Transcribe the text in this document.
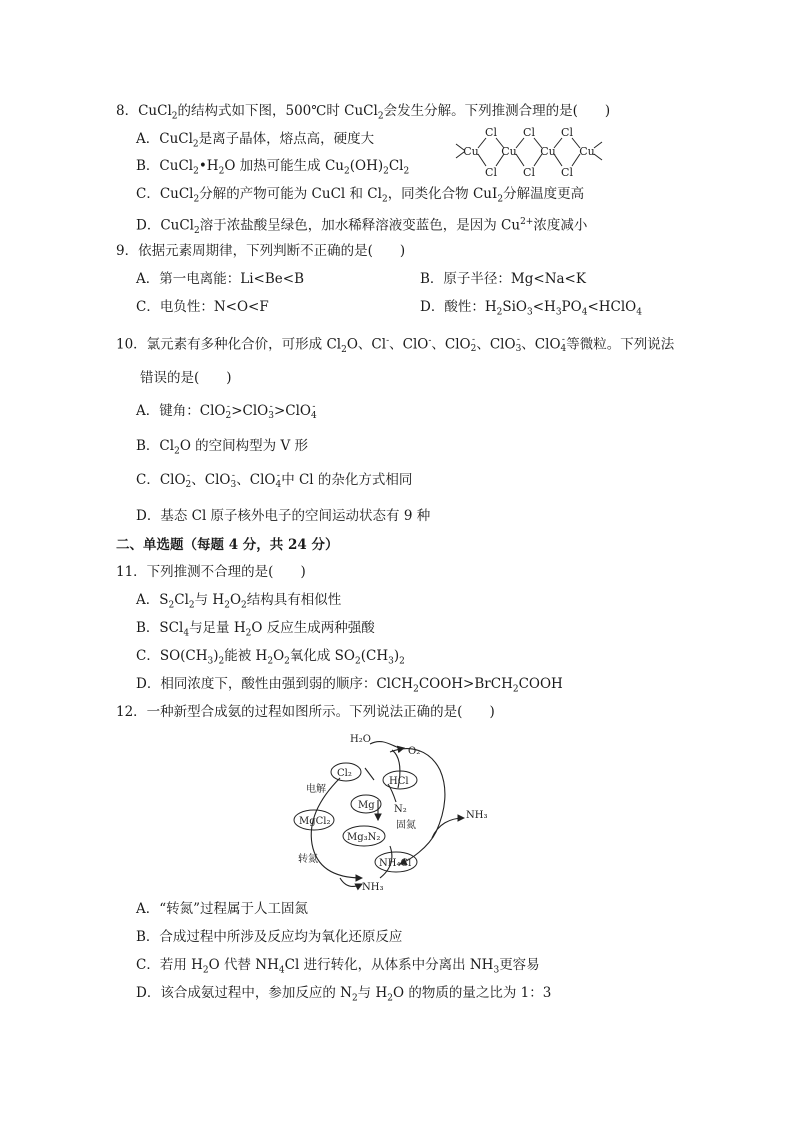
8．CuCl$_2$的结构式如下图，500℃时 CuCl$_2$会发生分解。下列推测合理的是(　　)
A．CuCl$_2$是离子晶体，熔点高，硬度大
B．$CuCl_2•H_2O$ 加热可能生成 $Cu_2(OH)_2Cl_2$
C．CuCl$_2$分解的产物可能为 CuCl 和 $Cl_2$，同类化合物 CuI$_2$分解温度更高
D．CuCl$_2$溶于浓盐酸呈绿色，加水稀释溶液变蓝色，是因为 $Cu^{2+}$浓度减小
Cu Cu Cu Cu
Cl
Cl
Cl
Cl
Cl
Cl
9．依据元素周期律，下列判断不正确的是(　　)
A．第一电离能：Li<Be<B	B．原子半径：Mg<Na<K
C．电负性：N<O<F	D．酸性：$H_2SiO_3<H_3PO_4<HClO_4$
10．氯元素有多种化合价，可形成 $Cl_2O$、Cl-、ClO-、ClO-
2、ClO-
3、ClO-
4等微粒。下列说法
错误的是(　　)
A．键角：ClO-
2>ClO-
3>ClO-
4
B．$Cl_2O$ 的空间构型为 V 形
C．ClO-
2、ClO-
3、ClO-
4中 Cl 的杂化方式相同
D．基态 Cl 原子核外电子的空间运动状态有 9 种
二、单选题（每题 4 分，共 24 分）
11．下列推测不合理的是(　　)
A．$S_2Cl_2$与 $H_2O_2$结构具有相似性
B．SCl$_4$与足量 $H_2O$ 反应生成两种强酸
C．$SO(CH_3)_2$能被 $H_2O_2$氧化成 $SO_2(CH_3)_2$
D．相同浓度下，酸性由强到弱的顺序：ClCH$_2$COOH>BrCH$_2$COOH
12．一种新型合成氨的过程如图所示。下列说法正确的是(　　)
H₂O
O₂
Cl₂
HCl
电解
Mg N₂
固氮
NH₃
MgCl₂
Mg₃N₂
转氮	NH₄Cl
NH₃
A．“转氮”过程属于人工固氮
B．合成过程中所涉及反应均为氧化还原反应
C．若用 $H_2O$ 代替 $NH_4Cl$ 进行转化，从体系中分离出 $NH_3$更容易
D．该合成氨过程中，参加反应的 $N_2$与 $H_2O$ 的物质的量之比为 1：3
